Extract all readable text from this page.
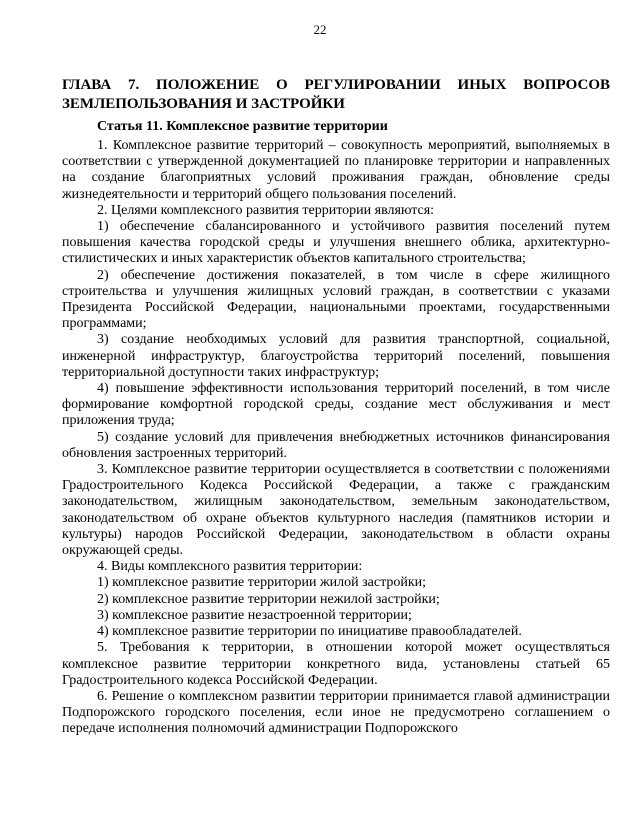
22
ГЛАВА 7. ПОЛОЖЕНИЕ О РЕГУЛИРОВАНИИ ИНЫХ ВОПРОСОВ ЗЕМЛЕПОЛЬЗОВАНИЯ И ЗАСТРОЙКИ
Статья 11. Комплексное развитие территории

1. Комплексное развитие территорий – совокупность мероприятий, выполняемых в соответствии с утвержденной документацией по планировке территории и направленных на создание благоприятных условий проживания граждан, обновление среды жизнедеятельности и территорий общего пользования поселений.

2. Целями комплексного развития территории являются:

1) обеспечение сбалансированного и устойчивого развития поселений путем повышения качества городской среды и улучшения внешнего облика, архитектурно-стилистических и иных характеристик объектов капитального строительства;

2) обеспечение достижения показателей, в том числе в сфере жилищного строительства и улучшения жилищных условий граждан, в соответствии с указами Президента Российской Федерации, национальными проектами, государственными программами;

3) создание необходимых условий для развития транспортной, социальной, инженерной инфраструктур, благоустройства территорий поселений, повышения территориальной доступности таких инфраструктур;

4) повышение эффективности использования территорий поселений, в том числе формирование комфортной городской среды, создание мест обслуживания и мест приложения труда;

5) создание условий для привлечения внебюджетных источников финансирования обновления застроенных территорий.

3. Комплексное развитие территории осуществляется в соответствии с положениями Градостроительного Кодекса Российской Федерации, а также с гражданским законодательством, жилищным законодательством, земельным законодательством, законодательством об охране объектов культурного наследия (памятников истории и культуры) народов Российской Федерации, законодательством в области охраны окружающей среды.

4. Виды комплексного развития территории:

1) комплексное развитие территории жилой застройки;

2) комплексное развитие территории нежилой застройки;

3) комплексное развитие незастроенной территории;

4) комплексное развитие территории по инициативе правообладателей.

5. Требования к территории, в отношении которой может осуществляться комплексное развитие территории конкретного вида, установлены статьей 65 Градостроительного кодекса Российской Федерации.

6. Решение о комплексном развитии территории принимается главой администрации Подпорожского городского поселения, если иное не предусмотрено соглашением о передаче исполнения полномочий администрации Подпорожского
